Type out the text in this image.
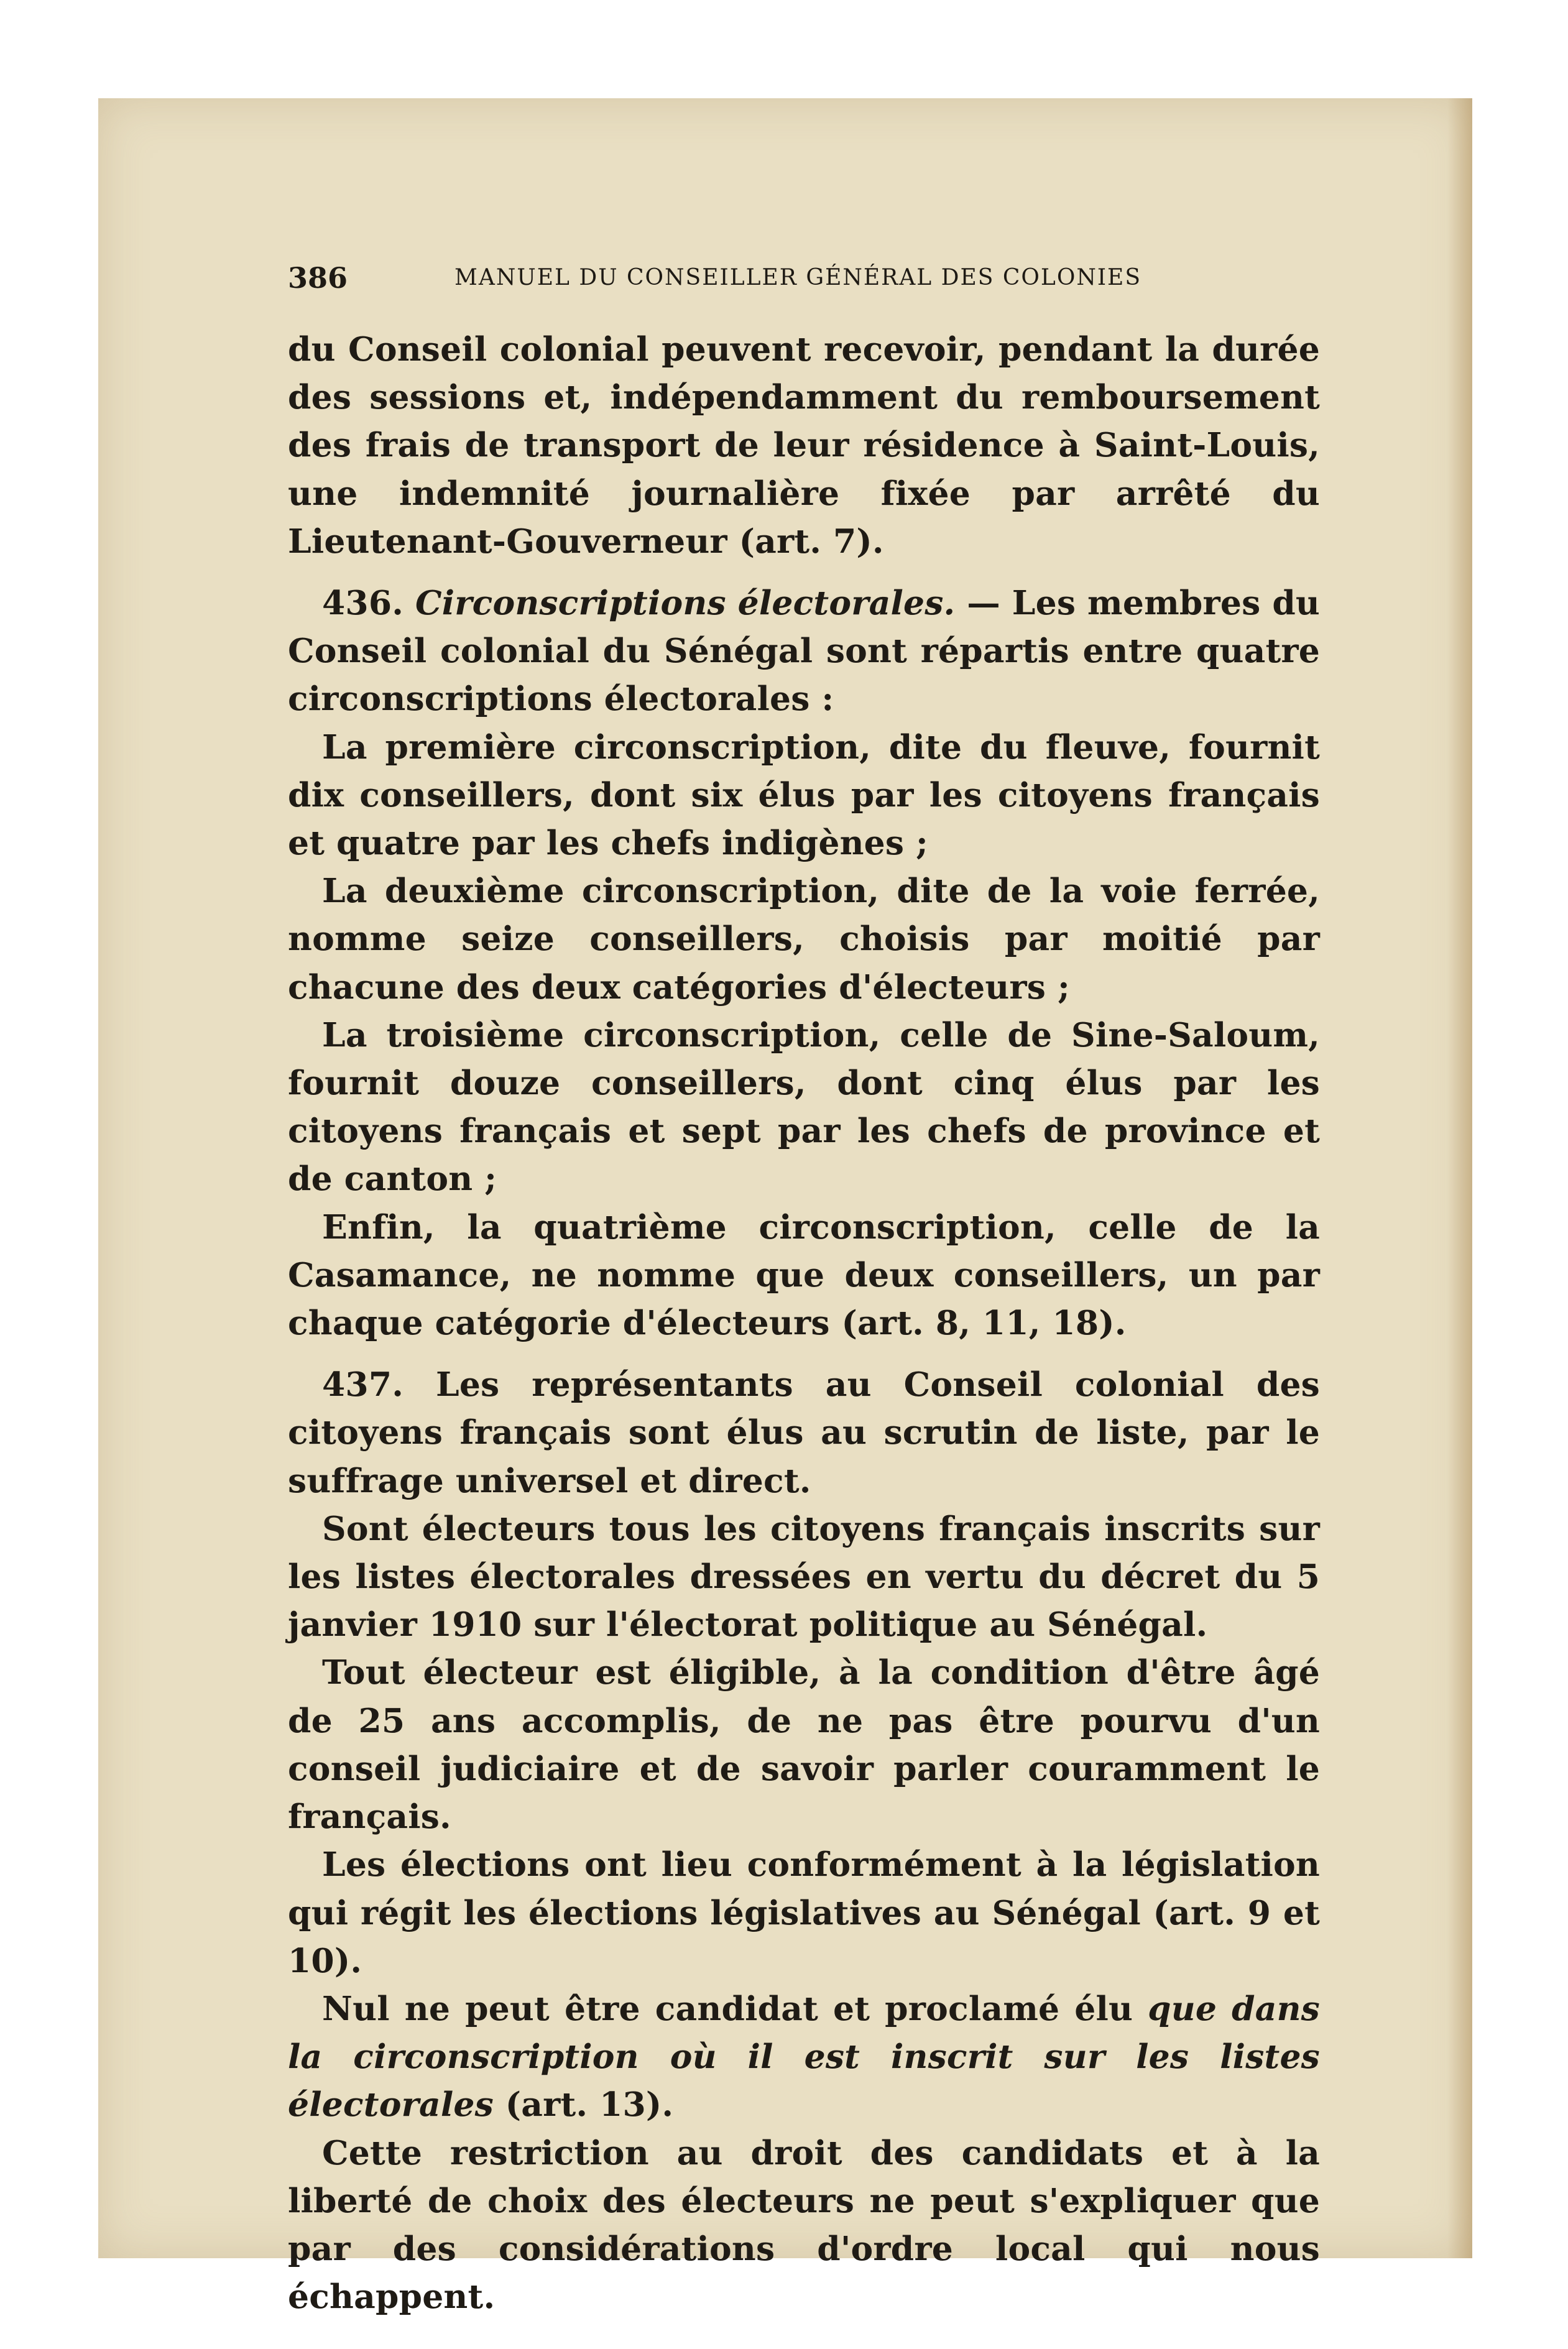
386	MANUEL DU CONSEILLER GÉNÉRAL DES COLONIES

du Conseil colonial peuvent recevoir, pendant la durée des sessions et, indépendamment du remboursement des frais de transport de leur résidence à Saint-Louis, une indemnité journalière fixée par arrêté du Lieutenant-Gouverneur (art. 7).

436. Circonscriptions électorales. — Les membres du Conseil colonial du Sénégal sont répartis entre quatre circonscriptions électorales :

La première circonscription, dite du fleuve, fournit dix conseillers, dont six élus par les citoyens français et quatre par les chefs indigènes ;

La deuxième circonscription, dite de la voie ferrée, nomme seize conseillers, choisis par moitié par chacune des deux catégories d'électeurs ;

La troisième circonscription, celle de Sine-Saloum, fournit douze conseillers, dont cinq élus par les citoyens français et sept par les chefs de province et de canton ;

Enfin, la quatrième circonscription, celle de la Casamance, ne nomme que deux conseillers, un par chaque catégorie d'électeurs (art. 8, 11, 18).

437. Les représentants au Conseil colonial des citoyens français sont élus au scrutin de liste, par le suffrage universel et direct.

Sont électeurs tous les citoyens français inscrits sur les listes électorales dressées en vertu du décret du 5 janvier 1910 sur l'électorat politique au Sénégal.

Tout électeur est éligible, à la condition d'être âgé de 25 ans accomplis, de ne pas être pourvu d'un conseil judiciaire et de savoir parler couramment le français.

Les élections ont lieu conformément à la législation qui régit les élections législatives au Sénégal (art. 9 et 10).

Nul ne peut être candidat et proclamé élu que dans la circonscription où il est inscrit sur les listes électorales (art. 13).

Cette restriction au droit des candidats et à la liberté de choix des électeurs ne peut s'expliquer que par des considérations d'ordre local qui nous échappent.
